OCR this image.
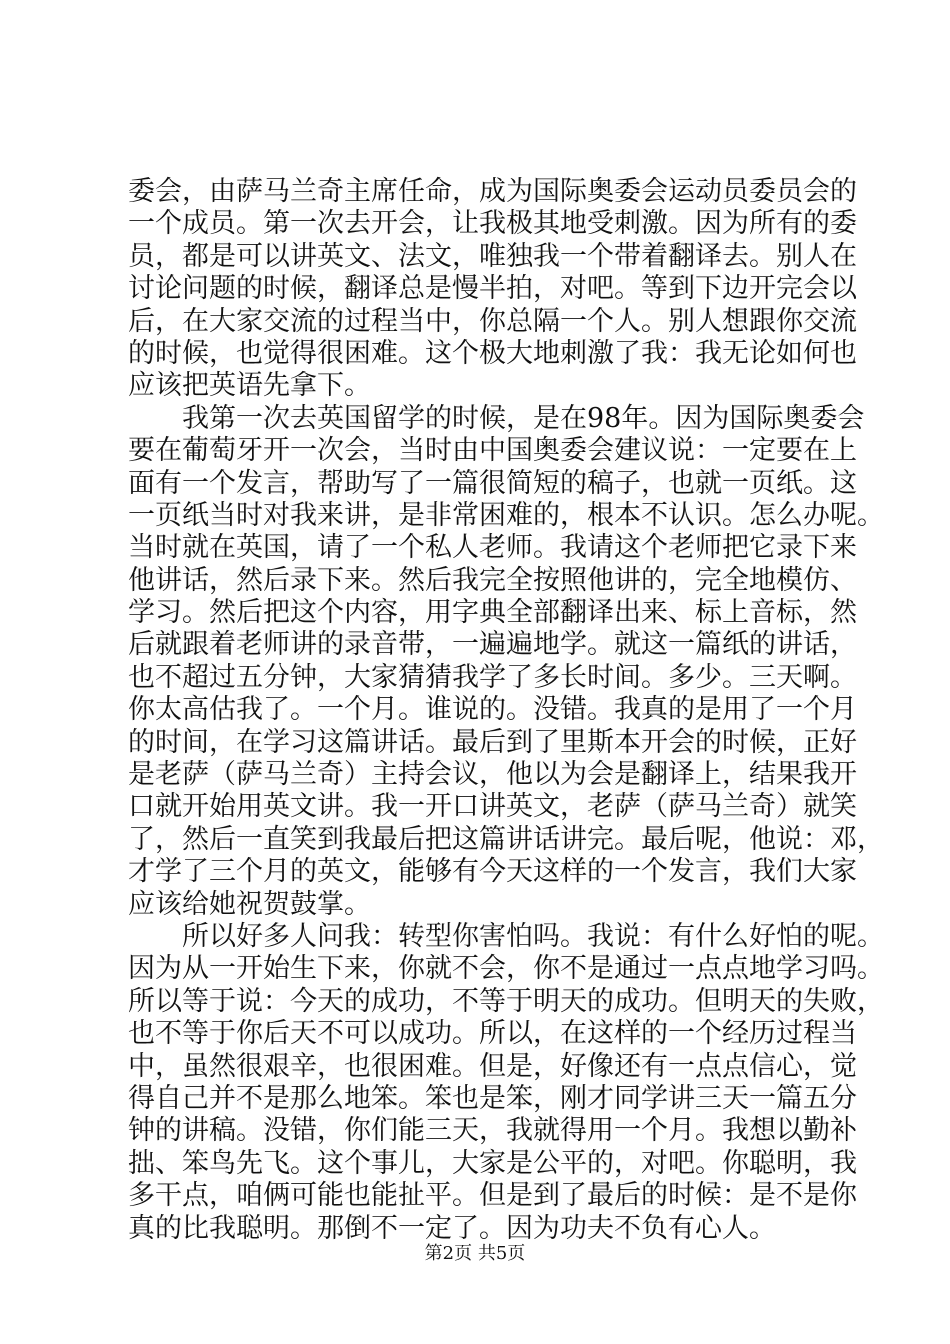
委会，由萨马兰奇主席任命，成为国际奥委会运动员委员会的
一个成员。第一次去开会，让我极其地受刺激。因为所有的委
员，都是可以讲英文、法文，唯独我一个带着翻译去。别人在
讨论问题的时候，翻译总是慢半拍，对吧。等到下边开完会以
后，在大家交流的过程当中，你总隔一个人。别人想跟你交流
的时候，也觉得很困难。这个极大地刺激了我：我无论如何也
应该把英语先拿下。
我第一次去英国留学的时候，是在98年。因为国际奥委会
要在葡萄牙开一次会，当时由中国奥委会建议说：一定要在上
面有一个发言，帮助写了一篇很简短的稿子，也就一页纸。这
一页纸当时对我来讲，是非常困难的，根本不认识。怎么办呢。
当时就在英国，请了一个私人老师。我请这个老师把它录下来
他讲话，然后录下来。然后我完全按照他讲的，完全地模仿、
学习。然后把这个内容，用字典全部翻译出来、标上音标，然
后就跟着老师讲的录音带，一遍遍地学。就这一篇纸的讲话，
也不超过五分钟，大家猜猜我学了多长时间。多少。三天啊。
你太高估我了。一个月。谁说的。没错。我真的是用了一个月
的时间，在学习这篇讲话。最后到了里斯本开会的时候，正好
是老萨（萨马兰奇）主持会议，他以为会是翻译上，结果我开
口就开始用英文讲。我一开口讲英文，老萨（萨马兰奇）就笑
了，然后一直笑到我最后把这篇讲话讲完。最后呢，他说：邓，
才学了三个月的英文，能够有今天这样的一个发言，我们大家
应该给她祝贺鼓掌。
所以好多人问我：转型你害怕吗。我说：有什么好怕的呢。
因为从一开始生下来，你就不会，你不是通过一点点地学习吗。
所以等于说：今天的成功，不等于明天的成功。但明天的失败，
也不等于你后天不可以成功。所以，在这样的一个经历过程当
中，虽然很艰辛，也很困难。但是，好像还有一点点信心，觉
得自己并不是那么地笨。笨也是笨，刚才同学讲三天一篇五分
钟的讲稿。没错，你们能三天，我就得用一个月。我想以勤补
拙、笨鸟先飞。这个事儿，大家是公平的，对吧。你聪明，我
多干点，咱俩可能也能扯平。但是到了最后的时候：是不是你
真的比我聪明。那倒不一定了。因为功夫不负有心人。
第2页 共5页
